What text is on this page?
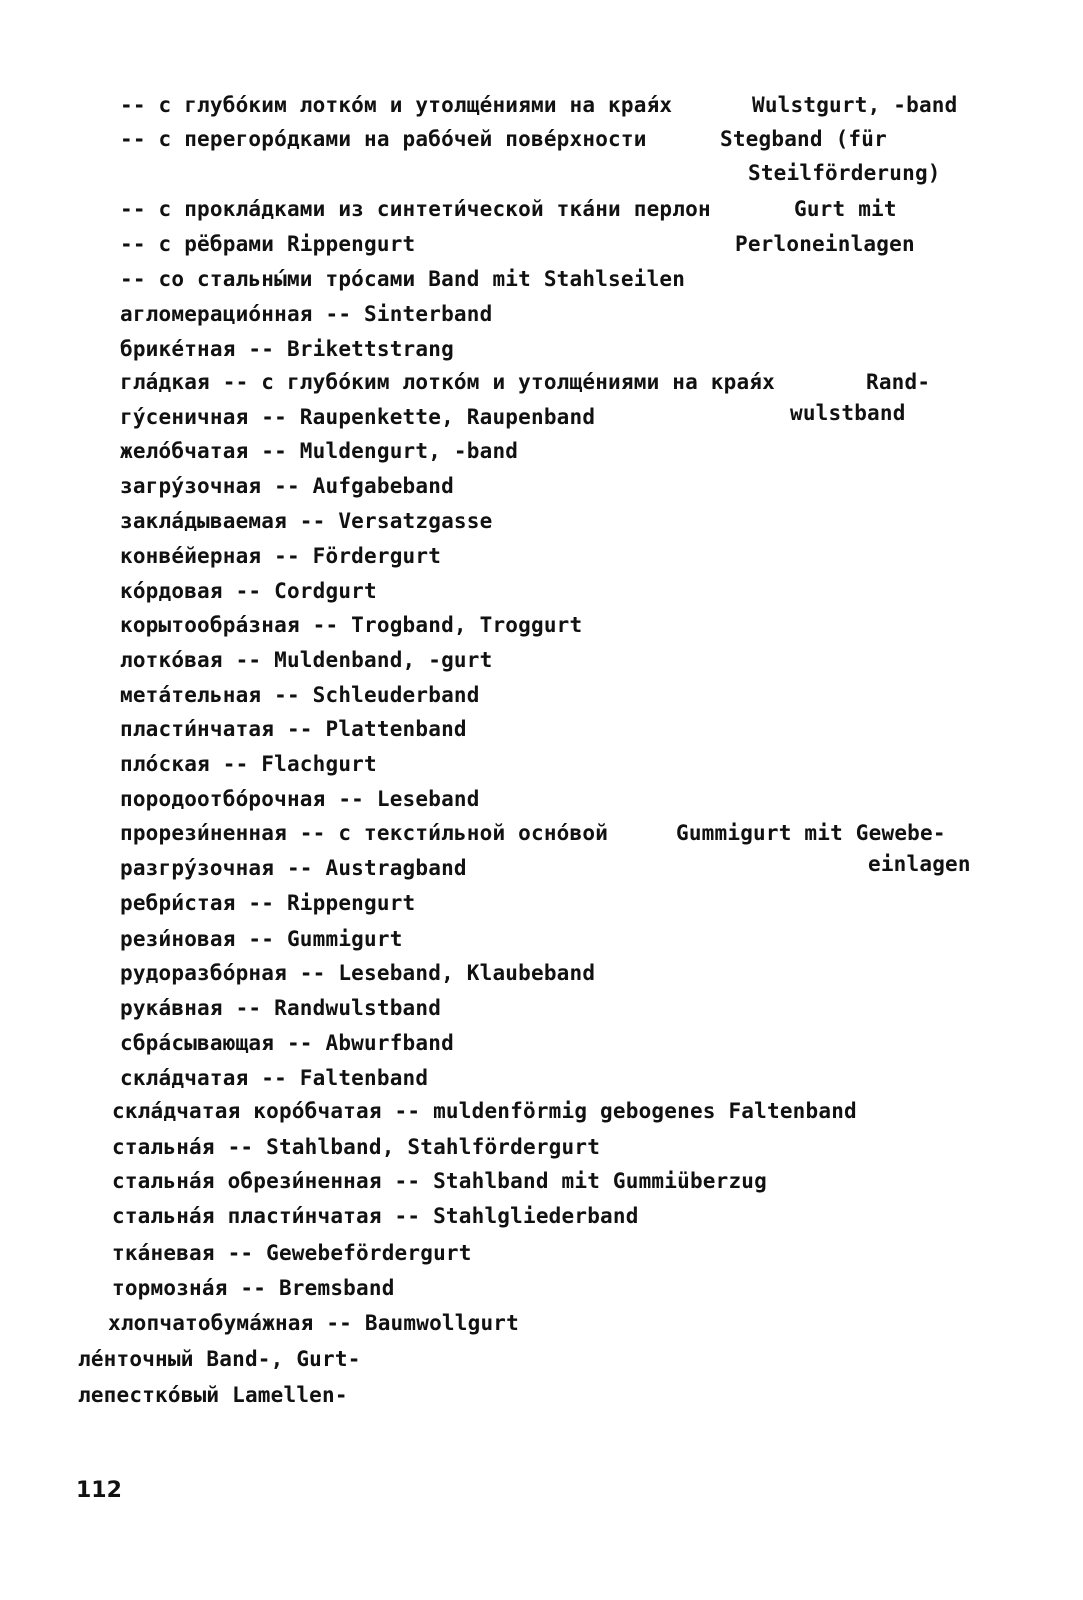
-- с глубо́ким лотко́м и утолще́ниями на края́х	Wulstgurt, -band
-- с перегоро́дками на рабо́чей пове́рхности	Stegband (für
Steilförderung)
-- с прокла́дками из синтети́ческой тка́ни перлон	Gurt mit
-- с рёбрами Rippengurt	Perloneinlagen
-- со стальны́ми тро́сами Band mit Stahlseilen
агломерацио́нная -- Sinterband
брике́тная -- Brikettstrang
гла́дкая -- с глубо́ким лотко́м и утолще́ниями на края́х	Rand-
гу́сеничная -- Raupenkette, Raupenband	wulstband
жело́бчатая -- Muldengurt, -band
загру́зочная -- Aufgabeband
закла́дываемая -- Versatzgasse
конве́йерная -- Fördergurt
ко́рдовая -- Cordgurt
корытообра́зная -- Trogband, Troggurt
лотко́вая -- Muldenband, -gurt
мета́тельная -- Schleuderband
пласти́нчатая -- Plattenband
пло́ская -- Flachgurt
породоотбо́рочная -- Leseband
прорези́ненная -- с тексти́льной осно́вой	Gummigurt mit Gewebe-
разгру́зочная -- Austragband	einlagen
ребри́стая -- Rippengurt
рези́новая -- Gummigurt
рудоразбо́рная -- Leseband, Klaubeband
рука́вная -- Randwulstband
сбра́сывающая -- Abwurfband
скла́дчатая -- Faltenband
скла́дчатая коро́бчатая -- muldenförmig gebogenes Faltenband
стальна́я -- Stahlband, Stahlfördergurt
стальна́я обрези́ненная -- Stahlband mit Gummiüberzug
стальна́я пласти́нчатая -- Stahlgliederband
тка́невая -- Gewebefördergurt
тормозна́я -- Bremsband
хлопчатобума́жная -- Baumwollgurt
ле́нточный Band-, Gurt-
лепестко́вый Lamellen-
112
